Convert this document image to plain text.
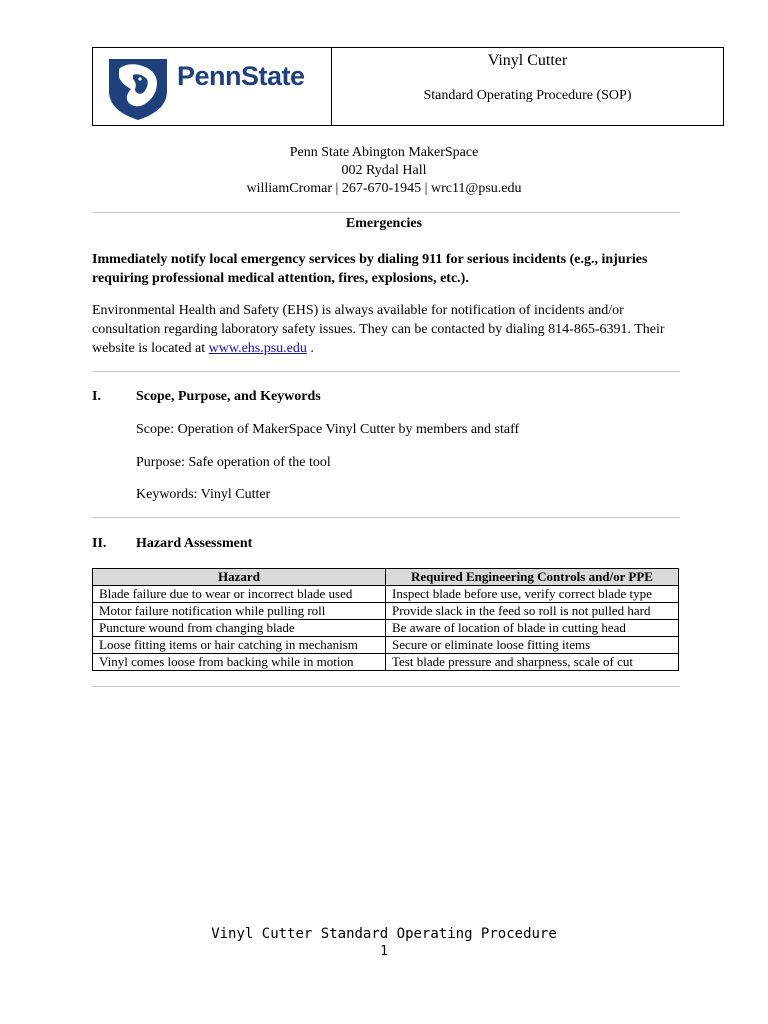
PennState
Vinyl Cutter
Standard Operating Procedure (SOP)
Penn State Abington MakerSpace
002 Rydal Hall
williamCromar | 267-670-1945 | wrc11@psu.edu
Emergencies
Immediately notify local emergency services by dialing 911 for serious incidents (e.g., injuries requiring professional medical attention, fires, explosions, etc.).
Environmental Health and Safety (EHS) is always available for notification of incidents and/or consultation regarding laboratory safety issues. They can be contacted by dialing 814-865-6391. Their website is located at www.ehs.psu.edu .
I.	Scope, Purpose, and Keywords
Scope: Operation of MakerSpace Vinyl Cutter by members and staff
Purpose: Safe operation of the tool
Keywords: Vinyl Cutter
II. Hazard Assessment
Hazard	Required Engineering Controls and/or PPE
Blade failure due to wear or incorrect blade used	Inspect blade before use, verify correct blade type
Motor failure notification while pulling roll	Provide slack in the feed so roll is not pulled hard
Puncture wound from changing blade	Be aware of location of blade in cutting head
Loose fitting items or hair catching in mechanism	Secure or eliminate loose fitting items
Vinyl comes loose from backing while in motion	Test blade pressure and sharpness, scale of cut
Vinyl Cutter Standard Operating Procedure
1
